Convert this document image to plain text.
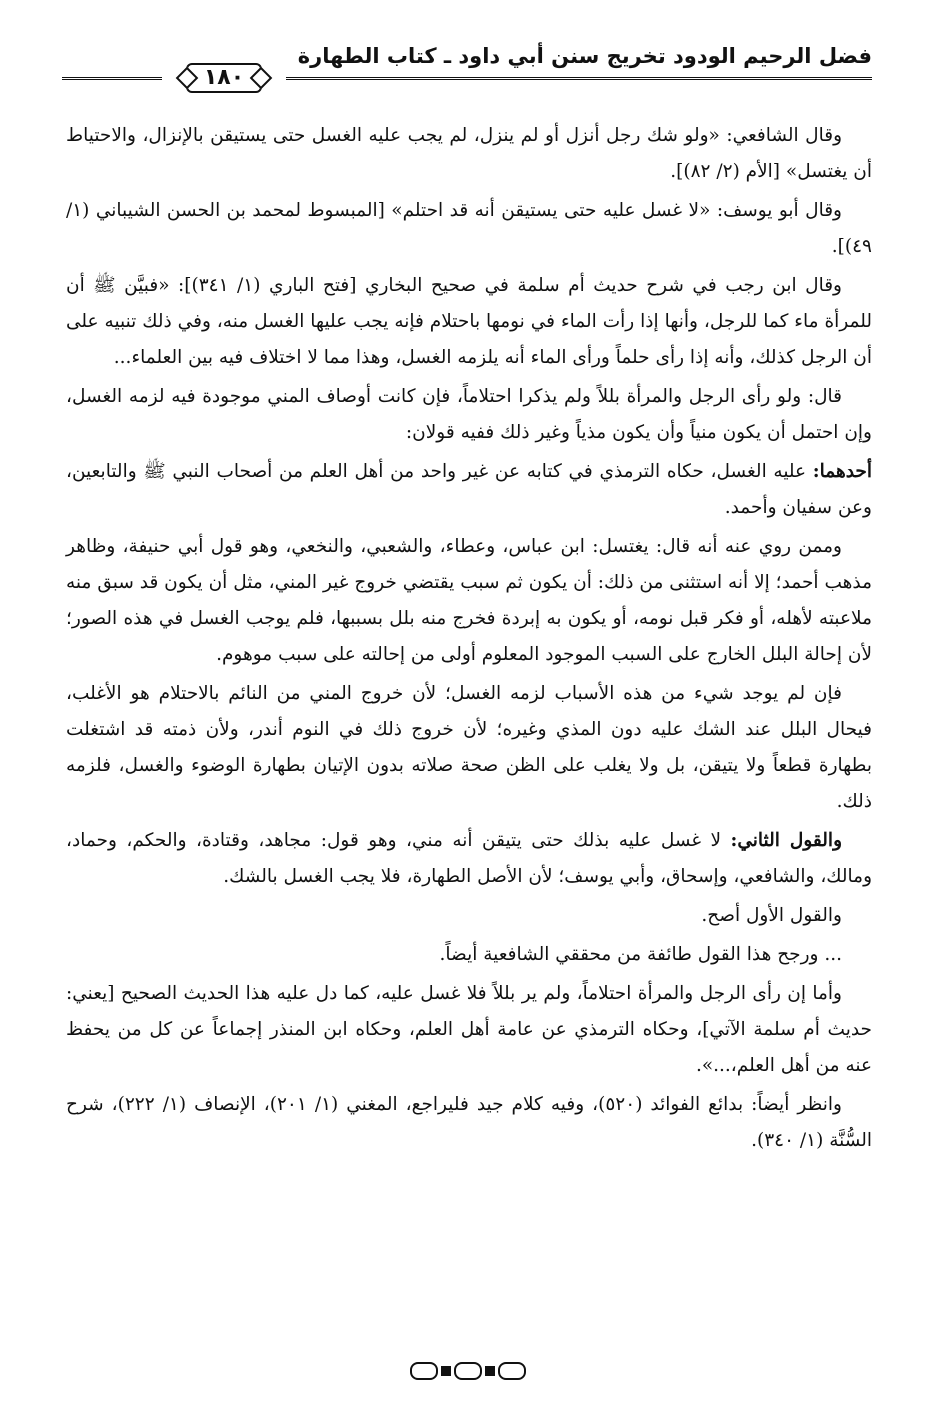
فضل الرحيم الودود تخريج سنن أبي داود ـ كتاب الطهارة
١٨٠

وقال الشافعي: «ولو شك رجل أنزل أو لم ينزل، لم يجب عليه الغسل حتى يستيقن بالإنزال، والاحتياط أن يغتسل» [الأم (٢/ ٨٢)].

وقال أبو يوسف: «لا غسل عليه حتى يستيقن أنه قد احتلم» [المبسوط لمحمد بن الحسن الشيباني (١/ ٤٩)].

وقال ابن رجب في شرح حديث أم سلمة في صحيح البخاري [فتح الباري (١/ ٣٤١)]: «فبيَّن ﷺ أن للمرأة ماء كما للرجل، وأنها إذا رأت الماء في نومها باحتلام فإنه يجب عليها الغسل منه، وفي ذلك تنبيه على أن الرجل كذلك، وأنه إذا رأى حلماً ورأى الماء أنه يلزمه الغسل، وهذا مما لا اختلاف فيه بين العلماء...

قال: ولو رأى الرجل والمرأة بللاً ولم يذكرا احتلاماً، فإن كانت أوصاف المني موجودة فيه لزمه الغسل، وإن احتمل أن يكون منياً وأن يكون مذياً وغير ذلك ففيه قولان:

أحدهما: عليه الغسل، حكاه الترمذي في كتابه عن غير واحد من أهل العلم من أصحاب النبي ﷺ والتابعين، وعن سفيان وأحمد.

وممن روي عنه أنه قال: يغتسل: ابن عباس، وعطاء، والشعبي، والنخعي، وهو قول أبي حنيفة، وظاهر مذهب أحمد؛ إلا أنه استثنى من ذلك: أن يكون ثم سبب يقتضي خروج غير المني، مثل أن يكون قد سبق منه ملاعبته لأهله، أو فكر قبل نومه، أو يكون به إبردة فخرج منه بلل بسببها، فلم يوجب الغسل في هذه الصور؛ لأن إحالة البلل الخارج على السبب الموجود المعلوم أولى من إحالته على سبب موهوم.

فإن لم يوجد شيء من هذه الأسباب لزمه الغسل؛ لأن خروج المني من النائم بالاحتلام هو الأغلب، فيحال البلل عند الشك عليه دون المذي وغيره؛ لأن خروج ذلك في النوم أندر، ولأن ذمته قد اشتغلت بطهارة قطعاً ولا يتيقن، بل ولا يغلب على الظن صحة صلاته بدون الإتيان بطهارة الوضوء والغسل، فلزمه ذلك.

والقول الثاني: لا غسل عليه بذلك حتى يتيقن أنه مني، وهو قول: مجاهد، وقتادة، والحكم، وحماد، ومالك، والشافعي، وإسحاق، وأبي يوسف؛ لأن الأصل الطهارة، فلا يجب الغسل بالشك.

والقول الأول أصح.

... ورجح هذا القول طائفة من محققي الشافعية أيضاً.

وأما إن رأى الرجل والمرأة احتلاماً، ولم ير بللاً فلا غسل عليه، كما دل عليه هذا الحديث الصحيح [يعني: حديث أم سلمة الآتي]، وحكاه الترمذي عن عامة أهل العلم، وحكاه ابن المنذر إجماعاً عن كل من يحفظ عنه من أهل العلم،...».

وانظر أيضاً: بدائع الفوائد (٥٢٠)، وفيه كلام جيد فليراجع، المغني (١/ ٢٠١)، الإنصاف (١/ ٢٢٢)، شرح السُّنَّة (١/ ٣٤٠).
